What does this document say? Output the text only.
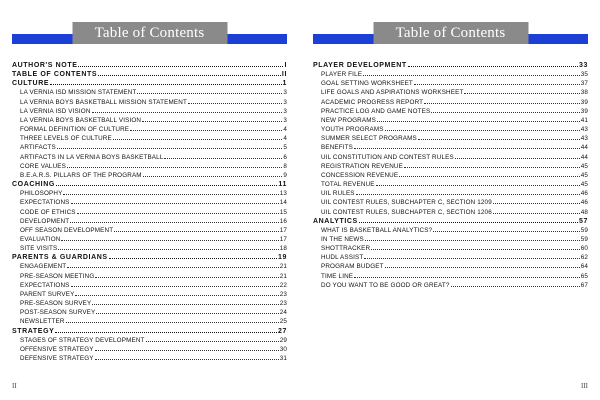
Table of Contents
AUTHOR'S NOTE	I
TABLE OF CONTENTS	II
CULTURE	1
LA VERNIA ISD MISSION STATEMENT	3
LA VERNIA BOYS BASKETBALL MISSION STATEMENT	3
LA VERNIA ISD VISION	3
LA VERNIA BOYS BASKETBALL VISION	3
FORMAL DEFINITION OF CULTURE	4
THREE LEVELS OF CULTURE	4
ARTIFACTS	5
ARTIFACTS IN LA VERNIA BOYS BASKETBALL	6
CORE VALUES	8
B.E.A.R.S. PILLARS OF THE PROGRAM	9
COACHING	11
PHILOSOPHY	13
EXPECTATIONS	14
CODE OF ETHICS	15
DEVELOPMENT	16
OFF SEASON DEVELOPMENT	17
EVALUATION	17
SITE VISITS	18
PARENTS & GUARDIANS	19
ENGAGEMENT	21
PRE-SEASON MEETING	21
EXPECTATIONS	22
PARENT SURVEY	23
PRE-SEASON SURVEY	23
POST-SEASON SURVEY	24
NEWSLETTER	25
STRATEGY	27
STAGES OF STRATEGY DEVELOPMENT	29
OFFENSIVE STRATEGY	30
DEFENSIVE STRATEGY	31
II
Table of Contents
PLAYER DEVELOPMENT	33
PLAYER FILE	35
GOAL SETTING WORKSHEET	37
LIFE GOALS AND ASPIRATIONS WORKSHEET	38
ACADEMIC PROGRESS REPORT	39
PRACTICE LOG AND GAME NOTES	39
NEW PROGRAMS	41
YOUTH PROGRAMS	43
SUMMER SELECT PROGRAMS	43
BENEFITS	44
UIL CONSTITUTION AND CONTEST RULES	44
REGISTRATION REVENUE	45
CONCESSION REVENUE	45
TOTAL REVENUE	45
UIL RULES	46
UIL CONTEST RULES, SUBCHAPTER C, SECTION 1209	46
UIL CONTEST RULES, SUBCHAPTER C, SECTION 1206	48
ANALYTICS	57
WHAT IS BASKETBALL ANALYTICS?	59
IN THE NEWS	59
SHOTTRACKER	60
HUDL ASSIST	62
PROGRAM BUDGET	64
TIME LINE	65
DO YOU WANT TO BE GOOD OR GREAT?	67
III
